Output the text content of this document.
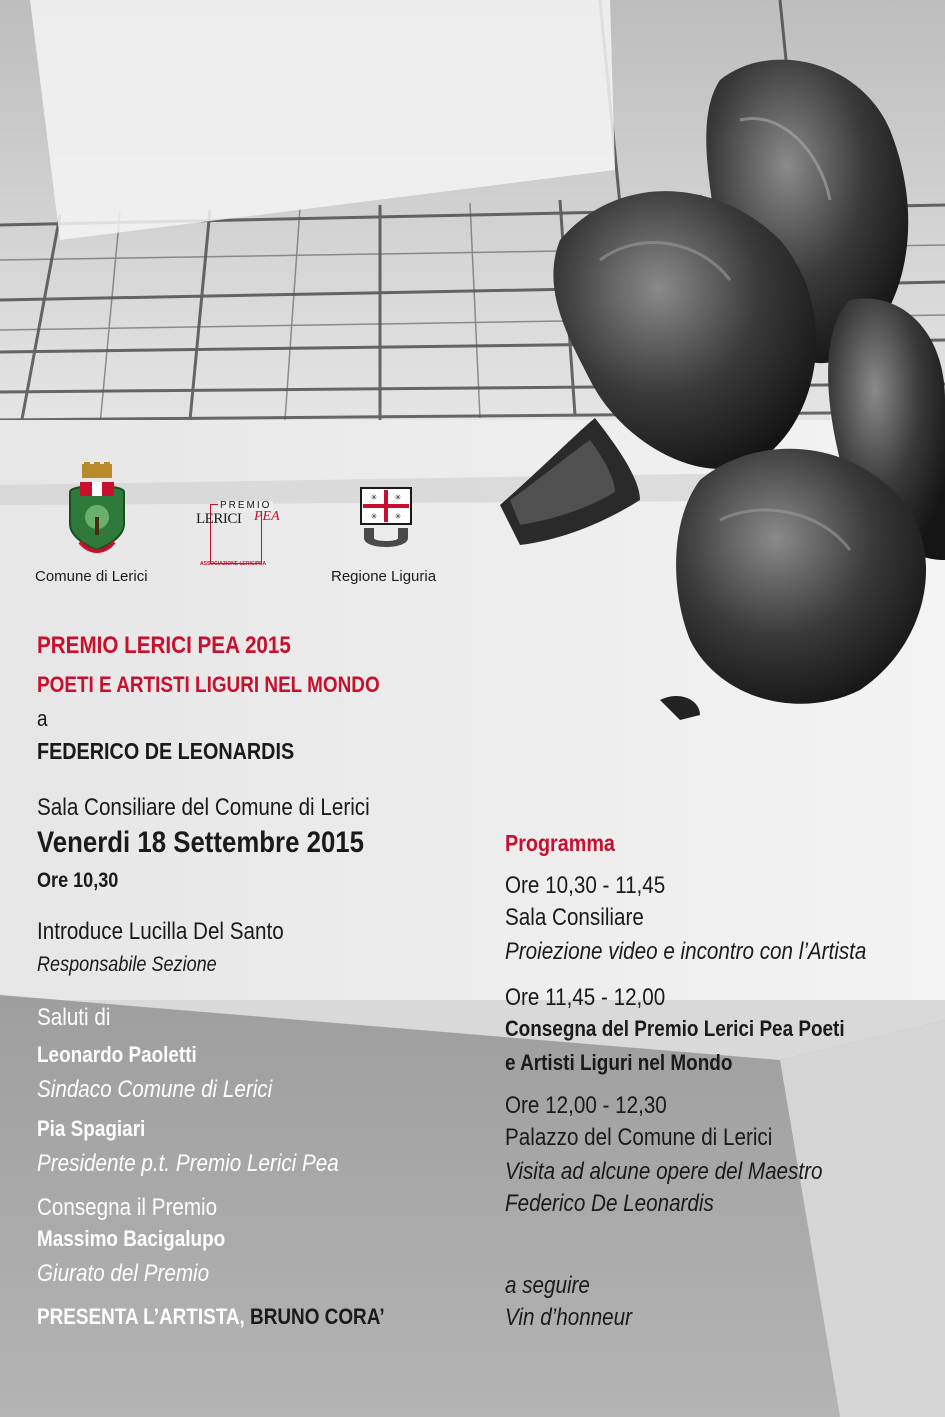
Comune di Lerici

PREMIO
LERICI PEA
ASSOCIAZIONE LERICIPEA
✳ ✳
✳ ✳

Regione Liguria

PREMIO LERICI PEA 2015

POETI E ARTISTI LIGURI NEL MONDO

a

FEDERICO DE LEONARDIS

Sala Consiliare del Comune di Lerici

Venerdi 18 Settembre 2015

Ore 10,30

Introduce Lucilla Del Santo

Responsabile Sezione

Saluti di

Leonardo Paoletti

Sindaco Comune di Lerici

Pia Spagiari

Presidente p.t. Premio Lerici Pea

Consegna il Premio

Massimo Bacigalupo

Giurato del Premio

PRESENTA L’ARTISTA, BRUNO CORA’

Programma

Ore 10,30 - 11,45

Sala Consiliare

Proiezione video e incontro con l’Artista

Ore 11,45 - 12,00

Consegna del Premio Lerici Pea Poeti

e Artisti Liguri nel Mondo

Ore 12,00 - 12,30

Palazzo del Comune di Lerici

Visita ad alcune opere del Maestro

Federico De Leonardis

a seguire

Vin d’honneur
